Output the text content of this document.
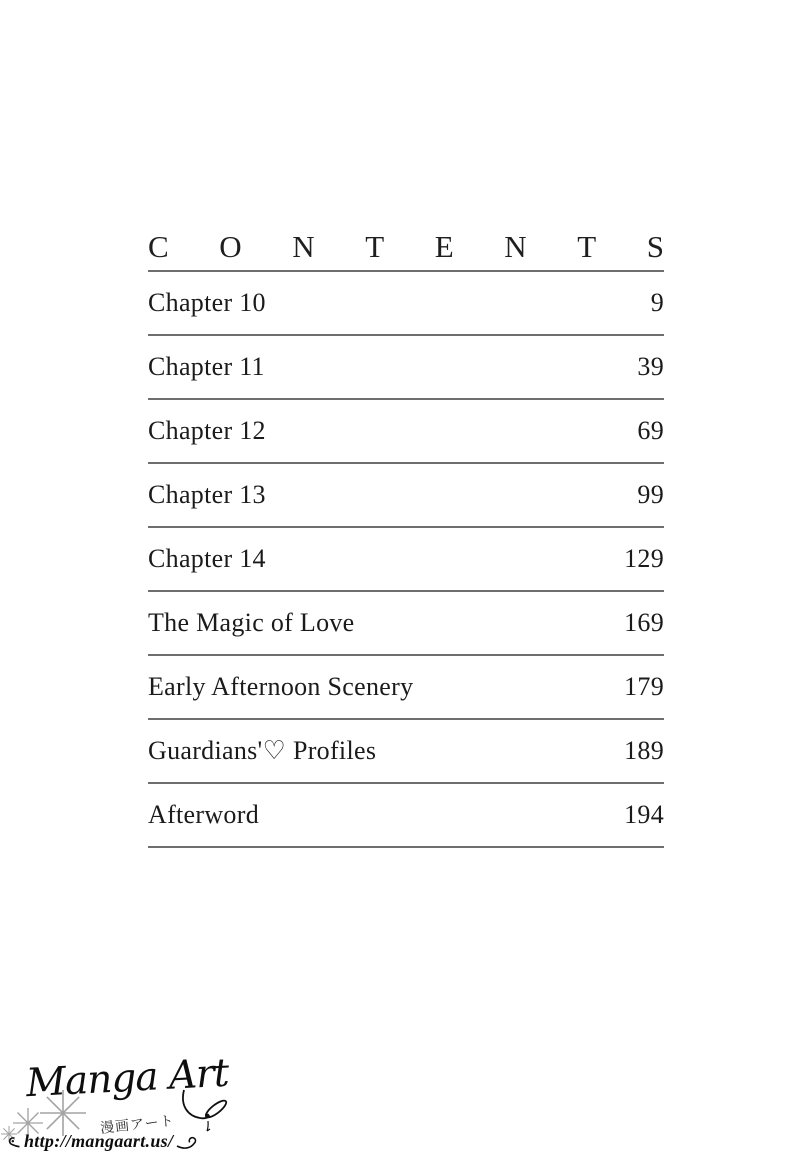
C O N T E N T S
Chapter 10	9
Chapter 11	39
Chapter 12	69
Chapter 13	99
Chapter 14	129
The Magic of Love	169
Early Afternoon Scenery	179
Guardians'♡ Profiles	189
Afterword	194
Manga Art
漫画アート
http://mangaart.us/
